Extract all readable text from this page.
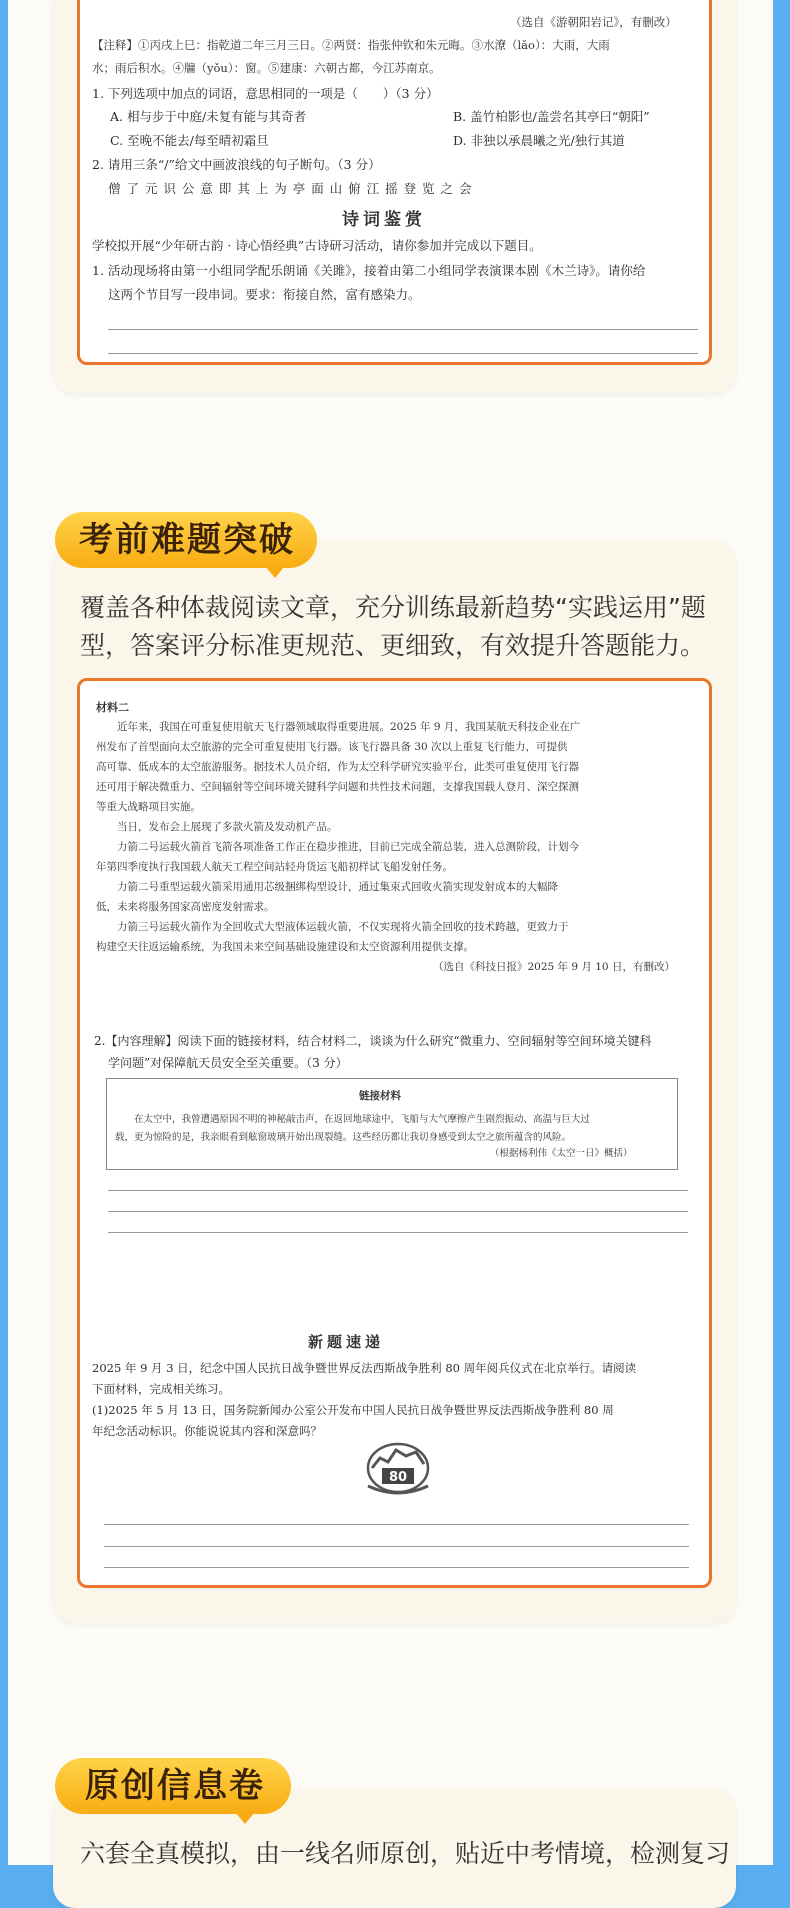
（选自《游朝阳岩记》，有删改）
【注释】①丙戌上巳：指乾道二年三月三日。②两贤：指张仲钦和朱元晦。③水潦（lǎo）：大雨，大雨
水；雨后积水。④牖（yǒu）：窗。⑤建康：六朝古都，今江苏南京。
1. 下列选项中加点的词语，意思相同的一项是（　　）（3 分）
A. 相与步于中庭/未复有能与其奇者	B. 盖竹柏影也/盖尝名其亭曰“朝阳”
C. 至晚不能去/每至晴初霜旦	D. 非独以承晨曦之光/独行其道
2. 请用三条“/”给文中画波浪线的句子断句。（3 分）
僧 了 元 识 公 意 即 其 上 为 亭 面 山 俯 江 摇 登 览 之 会
诗词鉴赏
学校拟开展“少年研古韵 · 诗心悟经典”古诗研习活动，请你参加并完成以下题目。
1. 活动现场将由第一小组同学配乐朗诵《关雎》，接着由第二小组同学表演课本剧《木兰诗》。请你给
这两个节目写一段串词。要求：衔接自然，富有感染力。
考前难题突破
覆盖各种体裁阅读文章，充分训练最新趋势“实践运用”题型，答案评分标准更规范、更细致，有效提升答题能力。
材料二
　　近年来，我国在可重复使用航天飞行器领域取得重要进展。2025 年 9 月，我国某航天科技企业在广
州发布了首型面向太空旅游的完全可重复使用飞行器。该飞行器具备 30 次以上重复飞行能力，可提供
高可靠、低成本的太空旅游服务。据技术人员介绍，作为太空科学研究实验平台，此类可重复使用飞行器
还可用于解决微重力、空间辐射等空间环境关键科学问题和共性技术问题，支撑我国载人登月、深空探测
等重大战略项目实施。
　　当日，发布会上展现了多款火箭及发动机产品。
　　力箭二号运载火箭首飞箭各项准备工作正在稳步推进，目前已完成全箭总装，进入总测阶段，计划今
年第四季度执行我国载人航天工程空间站轻舟货运飞船初样试飞船发射任务。
　　力箭二号重型运载火箭采用通用芯级捆绑构型设计，通过集束式回收火箭实现发射成本的大幅降
低，未来将服务国家高密度发射需求。
　　力箭三号运载火箭作为全回收式大型液体运载火箭，不仅实现将火箭全回收的技术跨越，更致力于
构建空天往返运输系统，为我国未来空间基础设施建设和太空资源利用提供支撑。
（选自《科技日报》2025 年 9 月 10 日，有删改）
2.【内容理解】阅读下面的链接材料，结合材料二，谈谈为什么研究“微重力、空间辐射等空间环境关键科
学问题”对保障航天员安全至关重要。（3 分）
链接材料
　　在太空中，我曾遭遇原因不明的神秘敲击声，在返回地球途中，飞船与大气摩擦产生剧烈振动、高温与巨大过
载，更为惊险的是，我亲眼看到舷窗玻璃开始出现裂缝。这些经历都让我切身感受到太空之旅所蕴含的风险。
（根据杨利伟《太空一日》概括）
新题速递
2025 年 9 月 3 日，纪念中国人民抗日战争暨世界反法西斯战争胜利 80 周年阅兵仪式在北京举行。请阅读
下面材料，完成相关练习。
(1)2025 年 5 月 13 日，国务院新闻办公室公开发布中国人民抗日战争暨世界反法西斯战争胜利 80 周
年纪念活动标识。你能说说其内容和深意吗？
80
原创信息卷
六套全真模拟，由一线名师原创，贴近中考情境，检测复习
